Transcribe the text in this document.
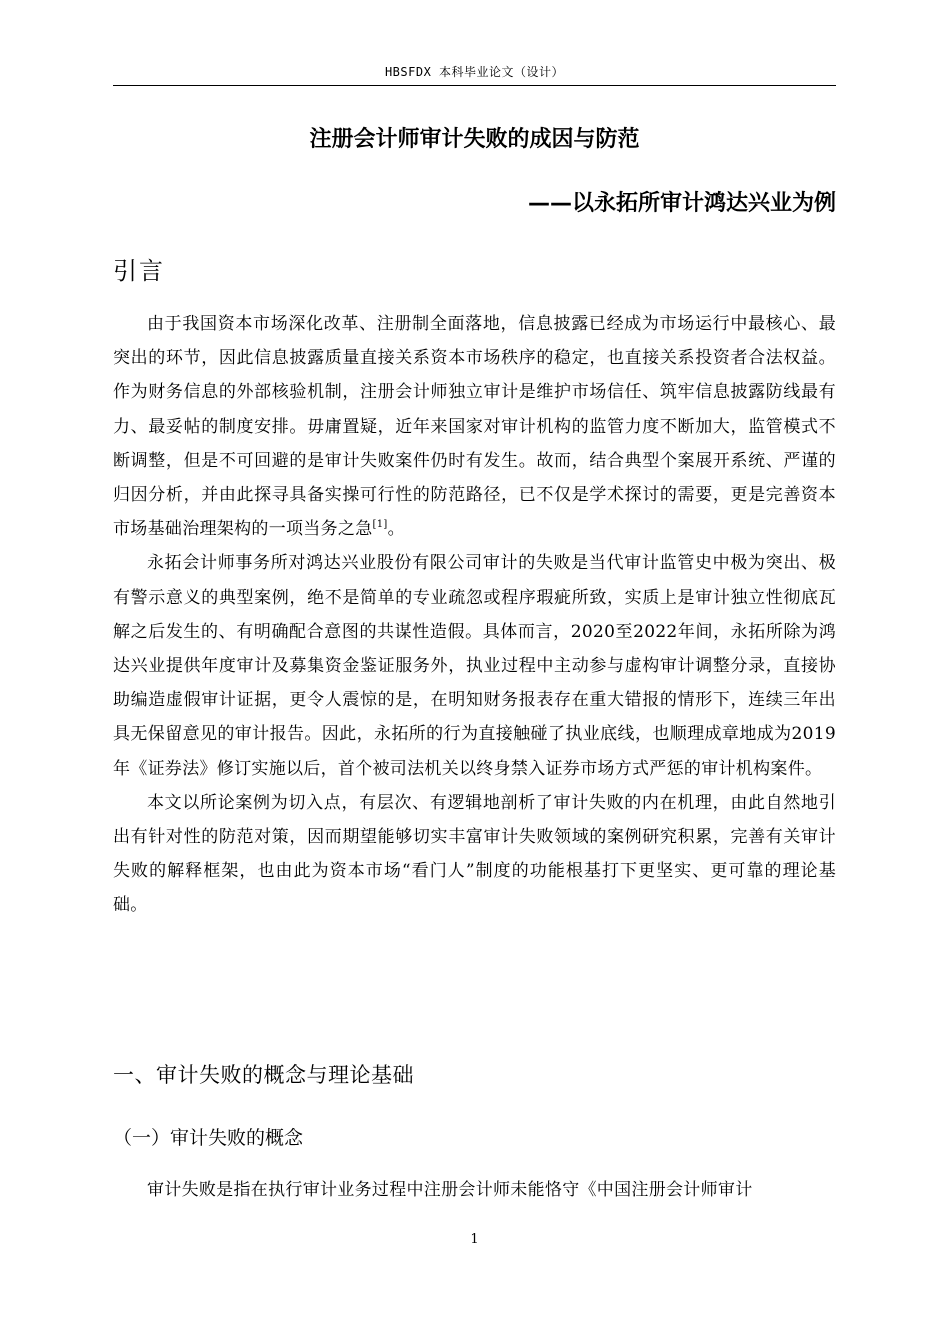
HBSFDX 本科毕业论文（设计）
注册会计师审计失败的成因与防范
——以永拓所审计鸿达兴业为例
引言

由于我国资本市场深化改革、注册制全面落地，信息披露已经成为市场运行中最核心、最突出的环节，因此信息披露质量直接关系资本市场秩序的稳定，也直接关系投资者合法权益。作为财务信息的外部核验机制，注册会计师独立审计是维护市场信任、筑牢信息披露防线最有力、最妥帖的制度安排。毋庸置疑，近年来国家对审计机构的监管力度不断加大，监管模式不断调整，但是不可回避的是审计失败案件仍时有发生。故而，结合典型个案展开系统、严谨的归因分析，并由此探寻具备实操可行性的防范路径，已不仅是学术探讨的需要，更是完善资本市场基础治理架构的一项当务之急[1]。

永拓会计师事务所对鸿达兴业股份有限公司审计的失败是当代审计监管史中极为突出、极有警示意义的典型案例，绝不是简单的专业疏忽或程序瑕疵所致，实质上是审计独立性彻底瓦解之后发生的、有明确配合意图的共谋性造假。具体而言，2020至2022年间，永拓所除为鸿达兴业提供年度审计及募集资金鉴证服务外，执业过程中主动参与虚构审计调整分录，直接协助编造虚假审计证据，更令人震惊的是，在明知财务报表存在重大错报的情形下，连续三年出具无保留意见的审计报告。因此，永拓所的行为直接触碰了执业底线，也顺理成章地成为2019年《证券法》修订实施以后，首个被司法机关以终身禁入证券市场方式严惩的审计机构案件。

本文以所论案例为切入点，有层次、有逻辑地剖析了审计失败的内在机理，由此自然地引出有针对性的防范对策，因而期望能够切实丰富审计失败领域的案例研究积累，完善有关审计失败的解释框架，也由此为资本市场“看门人”制度的功能根基打下更坚实、更可靠的理论基础。

一、审计失败的概念与理论基础
（一）审计失败的概念

审计失败是指在执行审计业务过程中注册会计师未能恪守《中国注册会计师审计

1
